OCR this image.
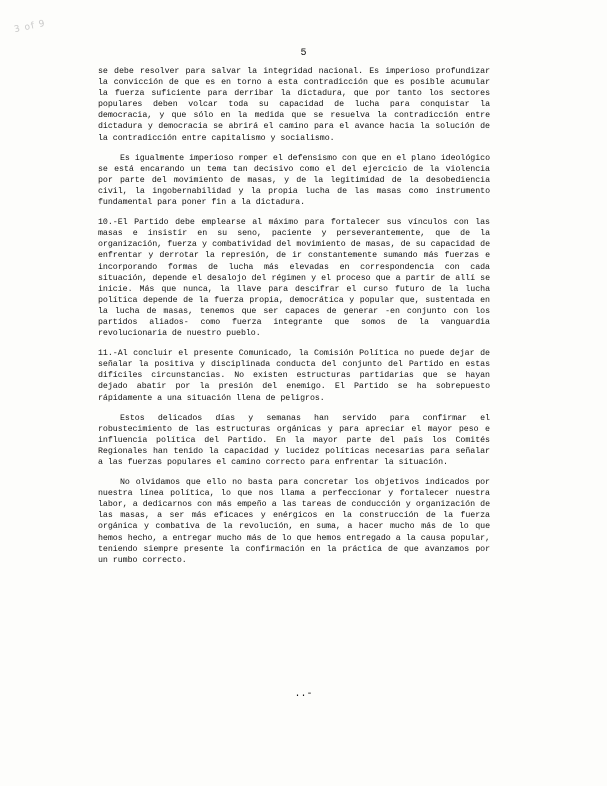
3 of 9
5

se debe resolver para salvar la integridad nacional. Es imperioso profundizar la convicción de que es en torno a esta contradicción que es posible acumular la fuerza suficiente para derribar la dictadura, que por tanto los sectores populares deben volcar toda su capacidad de lucha para conquistar la democracia, y que sólo en la medida que se resuelva la contradicción entre dictadura y democracia se abrirá el camino para el avance hacia la solución de la contradicción entre capitalismo y socialismo.

Es igualmente imperioso romper el defensismo con que en el plano ideológico se está encarando un tema tan decisivo como el del ejercicio de la violencia por parte del movimiento de masas, y de la legitimidad de la desobediencia civil, la ingobernabilidad y la propia lucha de las masas como instrumento fundamental para poner fin a la dictadura.

10.-El Partido debe emplearse al máximo para fortalecer sus vínculos con las masas e insistir en su seno, paciente y perseverantemente, que de la organización, fuerza y combatividad del movimiento de masas, de su capacidad de enfrentar y derrotar la represión, de ir constantemente sumando más fuerzas e incorporando formas de lucha más elevadas en correspondencia con cada situación, depende el desalojo del régimen y el proceso que a partir de allí se inicie. Más que nunca, la llave para descifrar el curso futuro de la lucha política depende de la fuerza propia, democrática y popular que, sustentada en la lucha de masas, tenemos que ser capaces de generar -en conjunto con los partidos aliados- como fuerza integrante que somos de la vanguardia revolucionaria de nuestro pueblo.

11.-Al concluir el presente Comunicado, la Comisión Política no puede dejar de señalar la positiva y disciplinada conducta del conjunto del Partido en estas difíciles circunstancias. No existen estructuras partidarias que se hayan dejado abatir por la presión del enemigo. El Partido se ha sobrepuesto rápidamente a una situación llena de peligros.

Estos delicados días y semanas han servido para confirmar el robustecimiento de las estructuras orgánicas y para apreciar el mayor peso e influencia política del Partido. En la mayor parte del país los Comités Regionales han tenido la capacidad y lucidez políticas necesarias para señalar a las fuerzas populares el camino correcto para enfrentar la situación.

No olvidamos que ello no basta para concretar los objetivos indicados por nuestra línea política, lo que nos llama a perfeccionar y fortalecer nuestra labor, a dedicarnos con más empeño a las tareas de conducción y organización de las masas, a ser más eficaces y enérgicos en la construcción de la fuerza orgánica y combativa de la revolución, en suma, a hacer mucho más de lo que hemos hecho, a entregar mucho más de lo que hemos entregado a la causa popular, teniendo siempre presente la confirmación en la práctica de que avanzamos por un rumbo correcto.

..-
